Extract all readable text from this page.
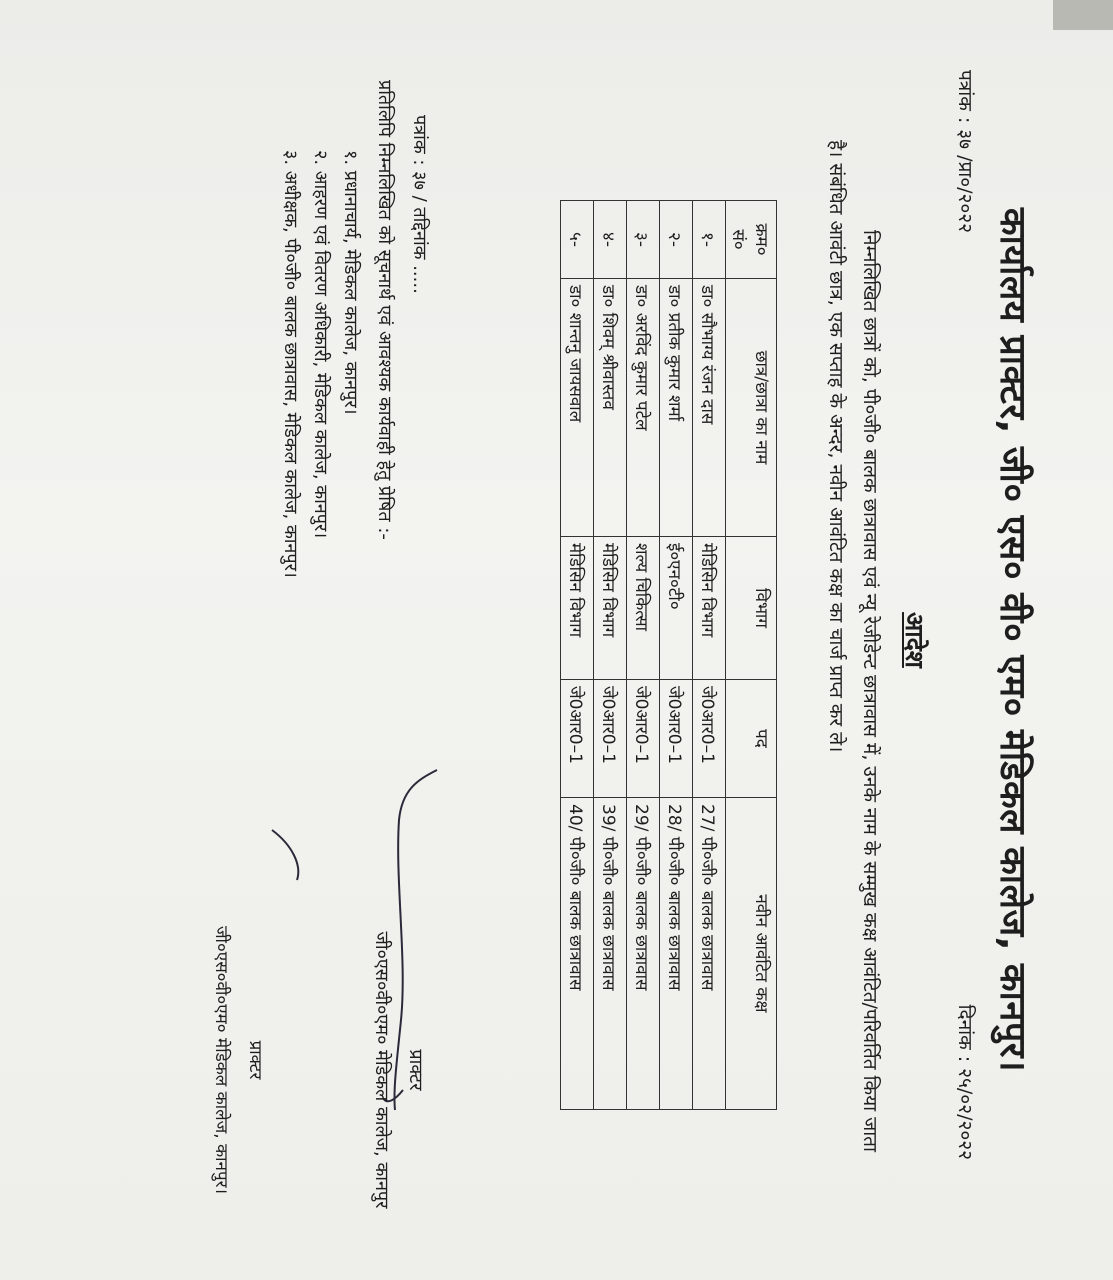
कार्यालय प्राक्टर, जी० एस० वी० एम० मेडिकल कालेज, कानपुर।
पत्रांक : ३७ /प्रा०/२०२२
दिनांक : २५/०२/२०२२
आदेश
निम्नलिखित छात्रों को, पी०जी० बालक छात्रावास एवं न्यू रेजीडेन्ट छात्रावास में, उनके नाम के सम्मुख कक्ष आवंटित/परिवर्तित किया जाता है। संबंधित आवंटी छात्र, एक सप्ताह के अन्दर, नवीन आवंटित कक्ष का चार्ज प्राप्त कर ले।
क्रम०
सं०	छात्र/छात्रा का नाम	विभाग	पद	नवीन आवंटित कक्ष
१-	डा० सौभाग्य रंजन दास	मेडिसिन विभाग	जे0आर0–1	27/ पी०जी० बालक छात्रावास
२-	डा० प्रतीक कुमार शर्मा	ई०एन०टी०	जे0आर0–1	28/ पी०जी० बालक छात्रावास
३-	डा० अरविंद कुमार पटेल	शल्य चिकित्सा	जे0आर0–1	29/ पी०जी० बालक छात्रावास
४-	डा० शिवम् श्रीवास्तव	मेडिसिन विभाग	जे0आर0–1	39/ पी०जी० बालक छात्रावास
५-	डा० शान्तनु जायसवाल	मेडिसिन विभाग	जे0आर0–1	40/ पी०जी० बालक छात्रावास
प्राक्टर
जी०एस०वी०एम० मेडिकल कालेज, कानपुर
पत्रांक : ३७ / तद्दिनांक .....
प्रतिलिपि निम्नलिखित को सूचनार्थ एवं आवश्यक कार्यवाही हेतु प्रेषित :-
१. प्रधानाचार्य, मेडिकल कालेज, कानपुर।
२. आहरण एवं वितरण अधिकारी, मेडिकल कालेज, कानपुर।
३. अधीक्षक, पी०जी० बालक छात्रावास, मेडिकल कालेज, कानपुर।
प्राक्टर
जी०एस०वी०एम० मेडिकल कालेज, कानपुर।
